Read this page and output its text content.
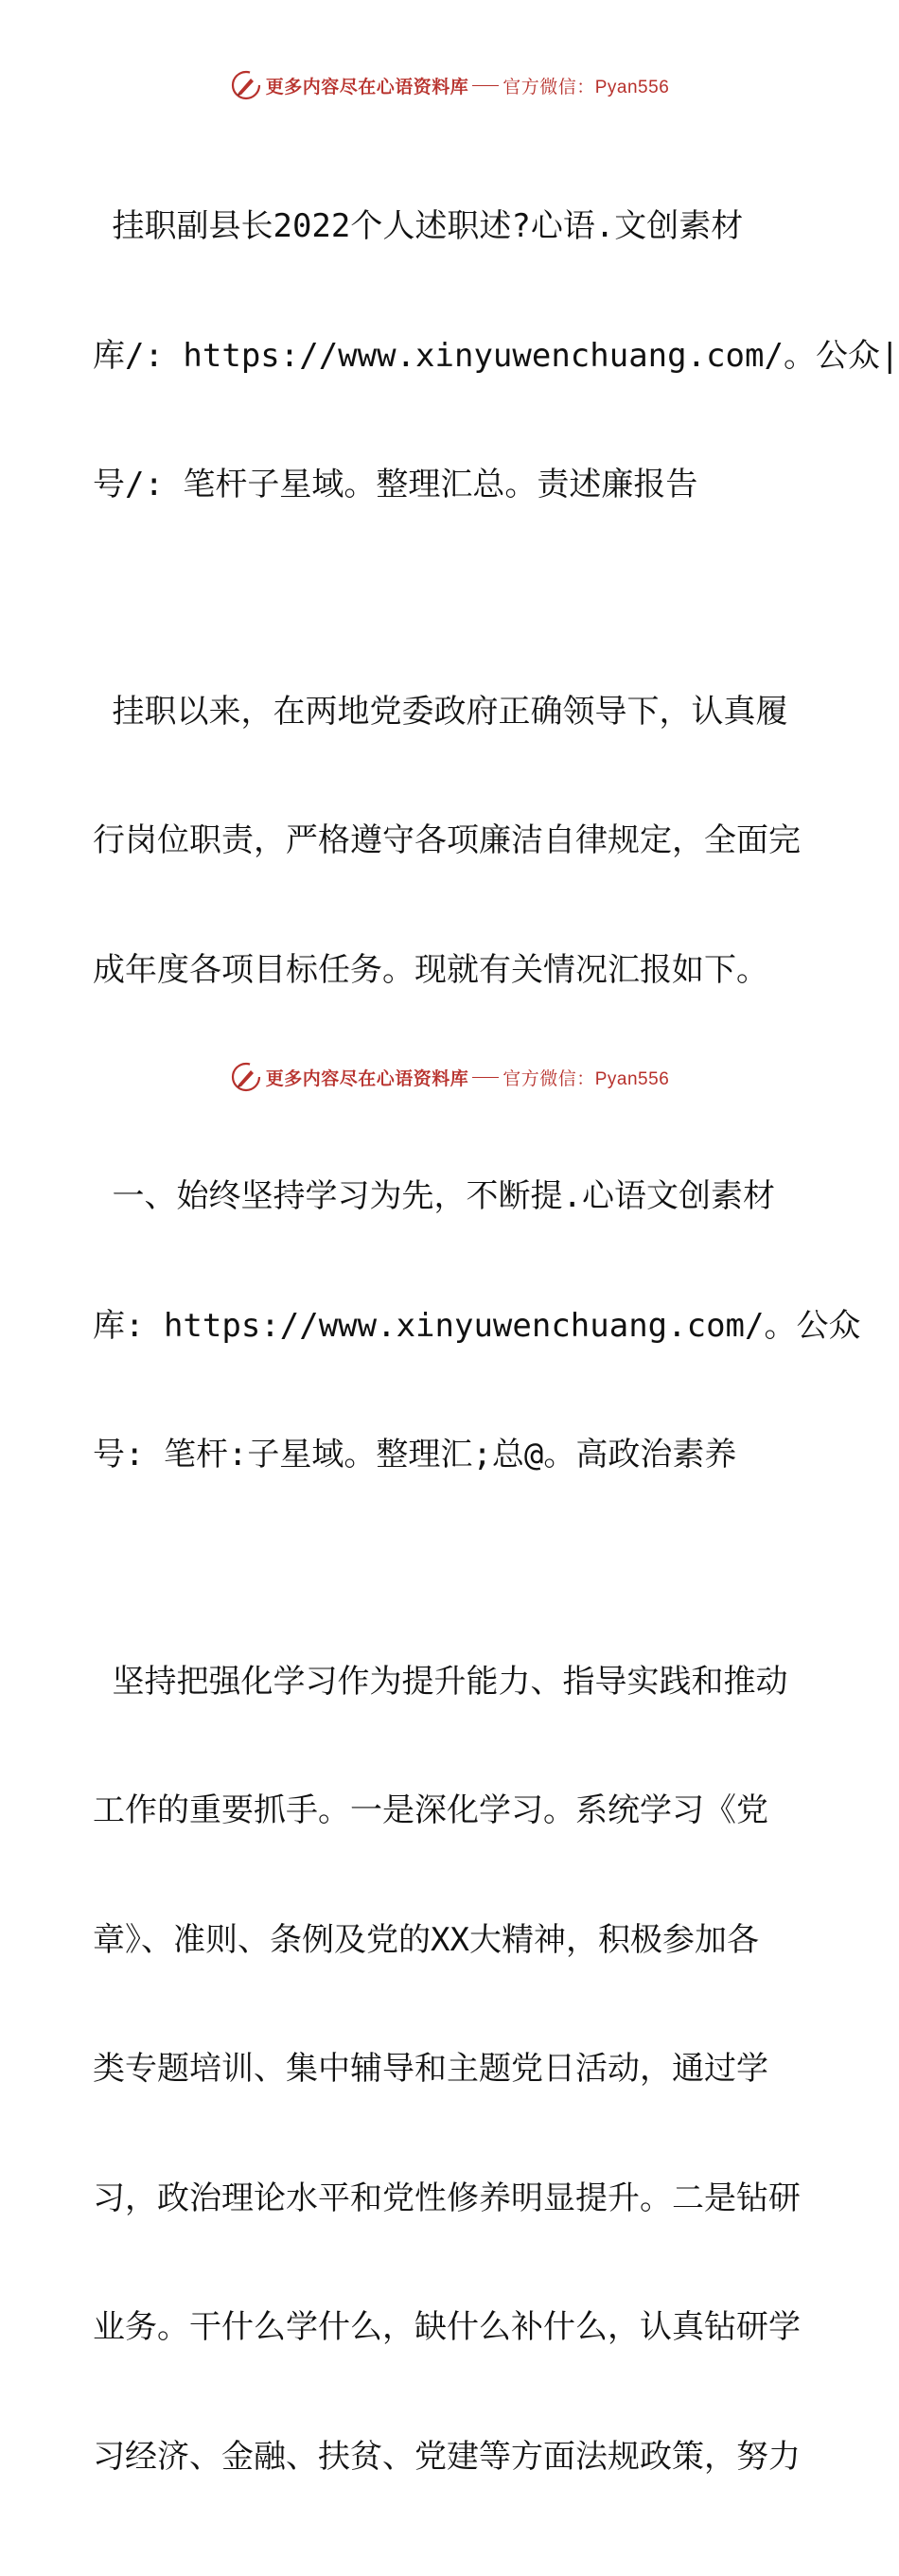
更多内容尽在心语资料库 官方微信：Pyan556

挂职副县长2022个人述职述?心语.文创素材

库/: https://www.xinyuwenchuang.com/。公众|

号/: 笔杆子星域。整理汇总。责述廉报告

挂职以来，在两地党委政府正确领导下，认真履

行岗位职责，严格遵守各项廉洁自律规定，全面完

成年度各项目标任务。现就有关情况汇报如下。

一、始终坚持学习为先，不断提.心语文创素材

库: https://www.xinyuwenchuang.com/。公众

号: 笔杆:子星域。整理汇;总@。高政治素养

坚持把强化学习作为提升能力、指导实践和推动

工作的重要抓手。一是深化学习。系统学习《党

章》、准则、条例及党的XX大精神，积极参加各

类专题培训、集中辅导和主题党日活动，通过学

习，政治理论水平和党性修养明显提升。二是钻研

业务。干什么学什么，缺什么补什么，认真钻研学

习经济、金融、扶贫、党建等方面法规政策，努力

更多内容尽在心语资料库 官方微信：Pyan556
